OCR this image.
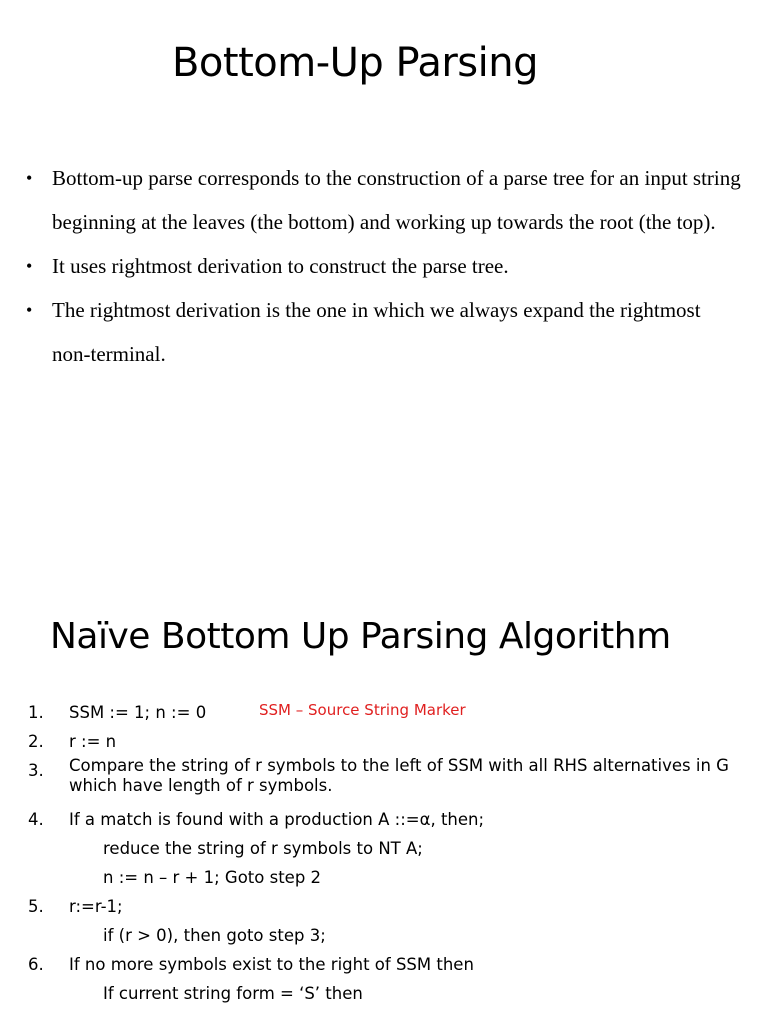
Bottom-Up Parsing
• Bottom-up parse corresponds to the construction of a parse tree for an input string beginning at the leaves (the bottom) and working up towards the root (the top).
• It uses rightmost derivation to construct the parse tree.
• The rightmost derivation is the one in which we always expand the rightmost non-terminal.
Naïve Bottom Up Parsing Algorithm
SSM – Source String Marker
1. SSM := 1; n := 0
2. r := n
3. Compare the string of r symbols to the left of SSM with all RHS alternatives in G which have length of r symbols.
4. If a match is found with a production A ::=α, then;
reduce the string of r symbols to NT A;
n := n – r + 1; Goto step 2
5. r:=r-1;
if (r > 0), then goto step 3;
6. If no more symbols exist to the right of SSM then
If current string form = ‘S’ then
